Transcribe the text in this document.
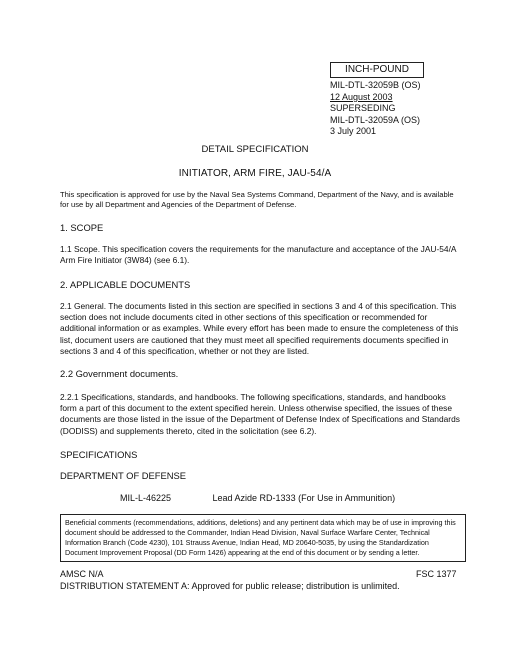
INCH-POUND
MIL-DTL-32059B (OS)
12 August 2003
SUPERSEDING
MIL-DTL-32059A (OS)
3 July 2001
DETAIL SPECIFICATION
INITIATOR, ARM FIRE, JAU-54/A
This specification is approved for use by the Naval Sea Systems Command, Department of the Navy, and is available for use by all Department and Agencies of the Department of Defense.
1. SCOPE
1.1 Scope. This specification covers the requirements for the manufacture and acceptance of the JAU-54/A Arm Fire Initiator (3W84) (see 6.1).
2. APPLICABLE DOCUMENTS
2.1 General. The documents listed in this section are specified in sections 3 and 4 of this specification. This section does not include documents cited in other sections of this specification or recommended for additional information or as examples. While every effort has been made to ensure the completeness of this list, document users are cautioned that they must meet all specified requirements documents specified in sections 3 and 4 of this specification, whether or not they are listed.
2.2 Government documents.
2.2.1 Specifications, standards, and handbooks. The following specifications, standards, and handbooks form a part of this document to the extent specified herein. Unless otherwise specified, the issues of these documents are those listed in the issue of the Department of Defense Index of Specifications and Standards (DODISS) and supplements thereto, cited in the solicitation (see 6.2).
SPECIFICATIONS
DEPARTMENT OF DEFENSE
MIL-L-46225	Lead Azide RD-1333 (For Use in Ammunition)
Beneficial comments (recommendations, additions, deletions) and any pertinent data which may be of use in improving this document should be addressed to the Commander, Indian Head Division, Naval Surface Warfare Center, Technical Information Branch (Code 4230), 101 Strauss Avenue, Indian Head, MD 20640-5035, by using the Standardization Document Improvement Proposal (DD Form 1426) appearing at the end of this document or by sending a letter.
AMSC N/A
DISTRIBUTION STATEMENT A: Approved for public release; distribution is unlimited.
FSC 1377
